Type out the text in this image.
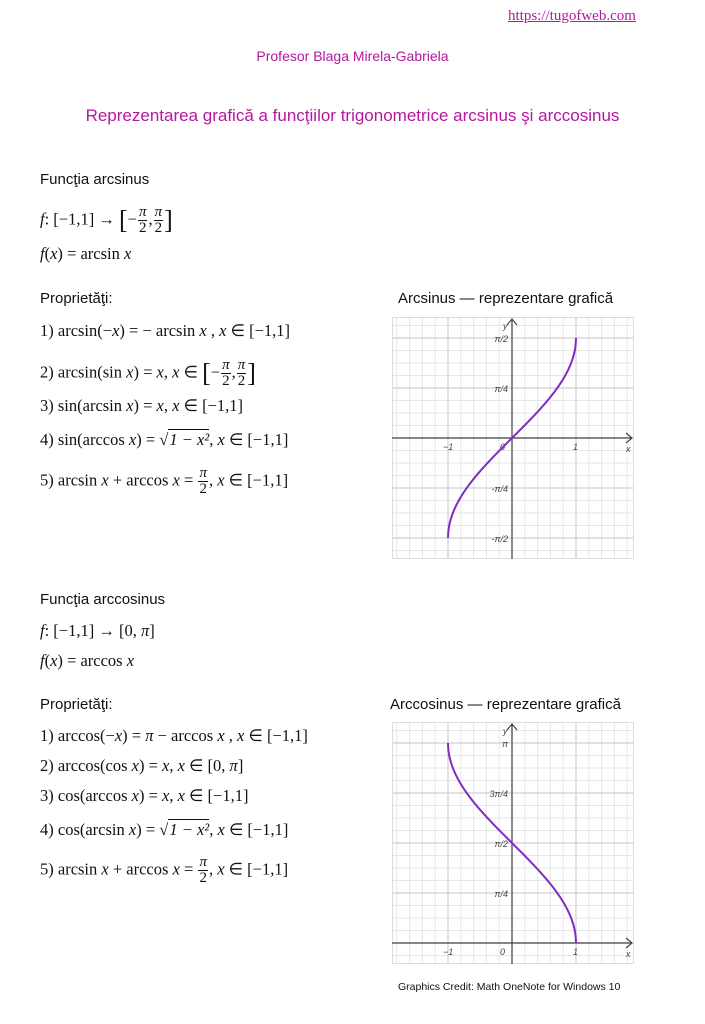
https://tugofweb.com
Profesor Blaga Mirela-Gabriela
Reprezentarea grafică a funcţiilor trigonometrice arcsinus şi arccosinus
Funcţia arcsinus
f: [−1,1] → [− $\frac{\pi}{2}$ , $\frac{\pi}{2}$ ]
f(x) = arcsin x
Proprietăţi:
1) arcsin(−x) = − arcsin x , x ∈ [−1,1]
2) arcsin(sin x) = x, x ∈ [− $\frac{\pi}{2}$ , $\frac{\pi}{2}$ ]
3) sin(arcsin x) = x, x ∈ [−1,1]
4) sin(arccos x) = √1 − x², x ∈ [−1,1]
5) $\arcsin x + \arccos x = \frac{\pi}{2}$ , x ∈ [−1,1]
Arcsinus — reprezentare grafică
x
y
−1	0	1
π/2
π/4
-π/4
-π/2
Funcţia arccosinus
f: [−1,1] → [0, π]
f(x) = arccos x
Proprietăţi:
1) arccos(−x) = π − arccos x , x ∈ [−1,1]
2) arccos(cos x) = x, x ∈ [0, π]
3) cos(arccos x) = x, x ∈ [−1,1]
4) cos(arcsin x) = √1 − x², x ∈ [−1,1]
5) $\arcsin x + \arccos x = \frac{\pi}{2}$ , x ∈ [−1,1]
Arccosinus — reprezentare grafică
x
y
−1	0	1
π
3π/4
π/2
π/4
Graphics Credit: Math OneNote for Windows 10
